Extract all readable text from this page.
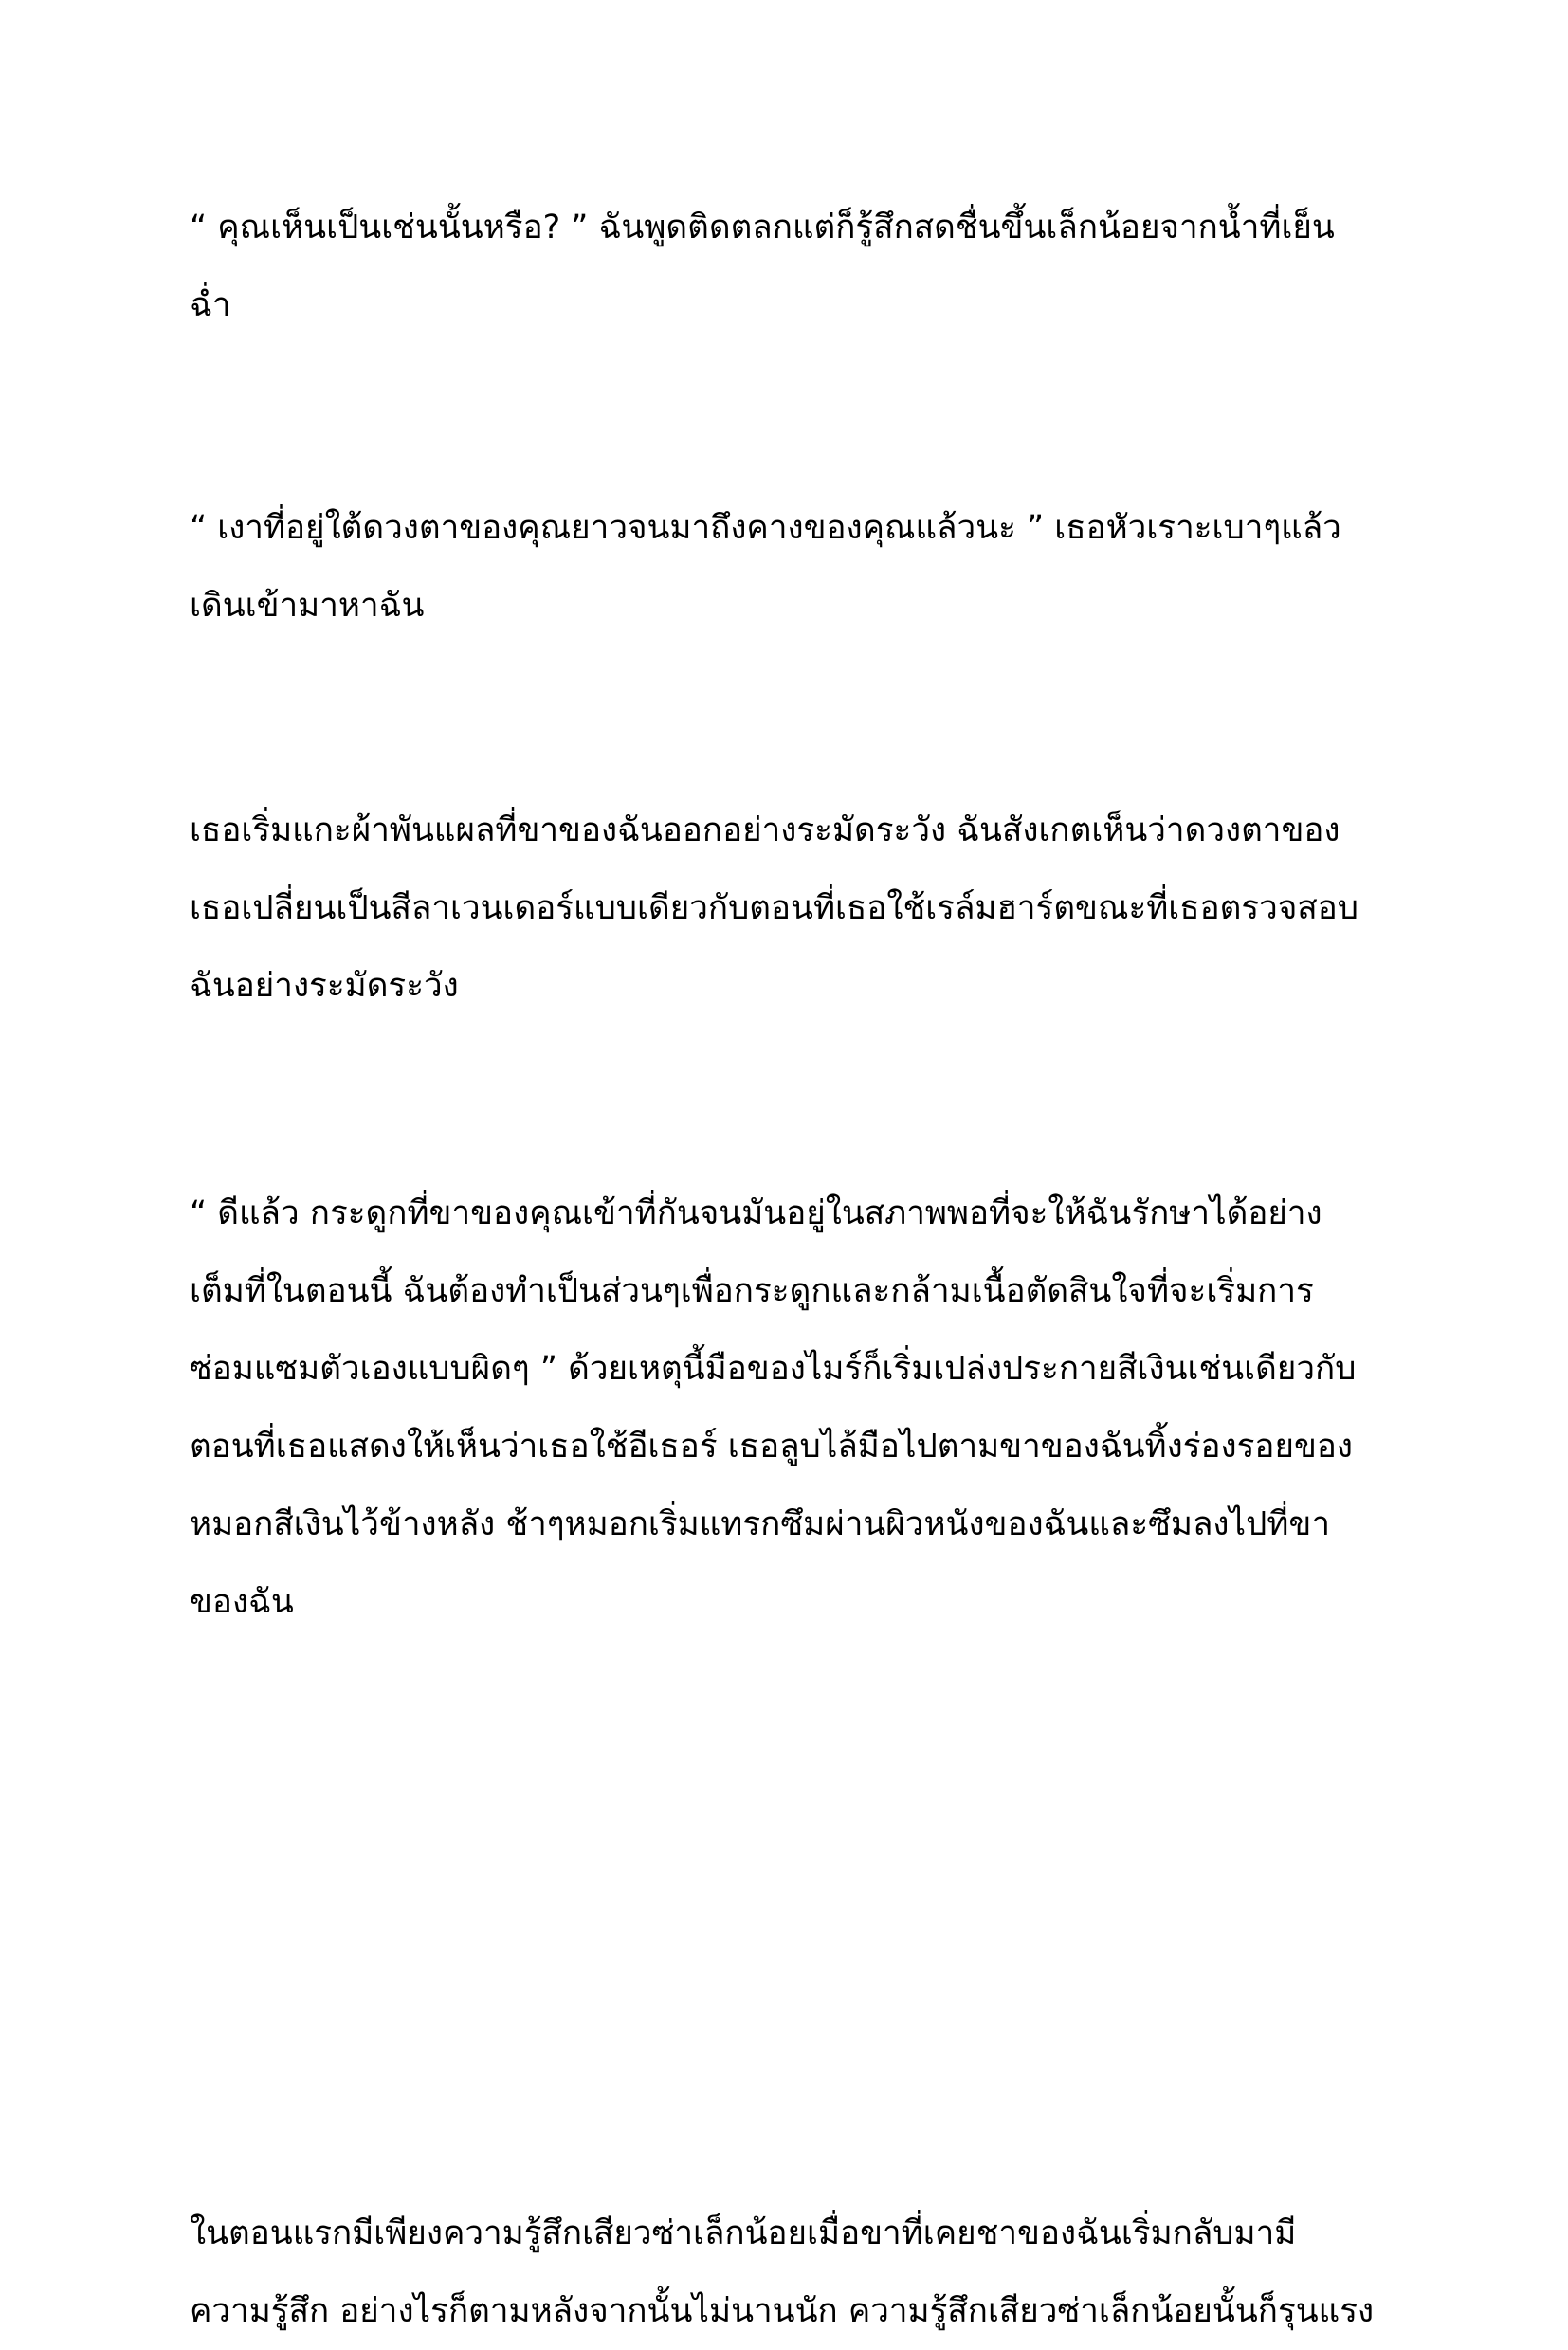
“ คุณเห็นเป็นเช่นนั้นหรือ? ” ฉันพูดติดตลกแต่ก็รู้สึกสดชื่นขึ้นเล็กน้อยจากน้ำที่เย็น
ฉ่ำ

“ เงาที่อยู่ใต้ดวงตาของคุณยาวจนมาถึงคางของคุณแล้วนะ ” เธอหัวเราะเบาๆแล้ว
เดินเข้ามาหาฉัน

เธอเริ่มแกะผ้าพันแผลที่ขาของฉันออกอย่างระมัดระวัง ฉันสังเกตเห็นว่าดวงตาของ
เธอเปลี่ยนเป็นสีลาเวนเดอร์แบบเดียวกับตอนที่เธอใช้เรล์มฮาร์ตขณะที่เธอตรวจสอบ
ฉันอย่างระมัดระวัง

“ ดีแล้ว กระดูกที่ขาของคุณเข้าที่กันจนมันอยู่ในสภาพพอที่จะให้ฉันรักษาได้อย่าง
เต็มที่ในตอนนี้ ฉันต้องทำเป็นส่วนๆเพื่อกระดูกและกล้ามเนื้อตัดสินใจที่จะเริ่มการ
ซ่อมแซมตัวเองแบบผิดๆ ” ด้วยเหตุนี้มือของไมร์ก็เริ่มเปล่งประกายสีเงินเช่นเดียวกับ
ตอนที่เธอแสดงให้เห็นว่าเธอใช้อีเธอร์ เธอลูบไล้มือไปตามขาของฉันทิ้งร่องรอยของ
หมอกสีเงินไว้ข้างหลัง ช้าๆหมอกเริ่มแทรกซึมผ่านผิวหนังของฉันและซึมลงไปที่ขา
ของฉัน

ในตอนแรกมีเพียงความรู้สึกเสียวซ่าเล็กน้อยเมื่อขาที่เคยชาของฉันเริ่มกลับมามี
ความรู้สึก อย่างไรก็ตามหลังจากนั้นไม่นานนัก ความรู้สึกเสียวซ่าเล็กน้อยนั้นก็รุนแรง
